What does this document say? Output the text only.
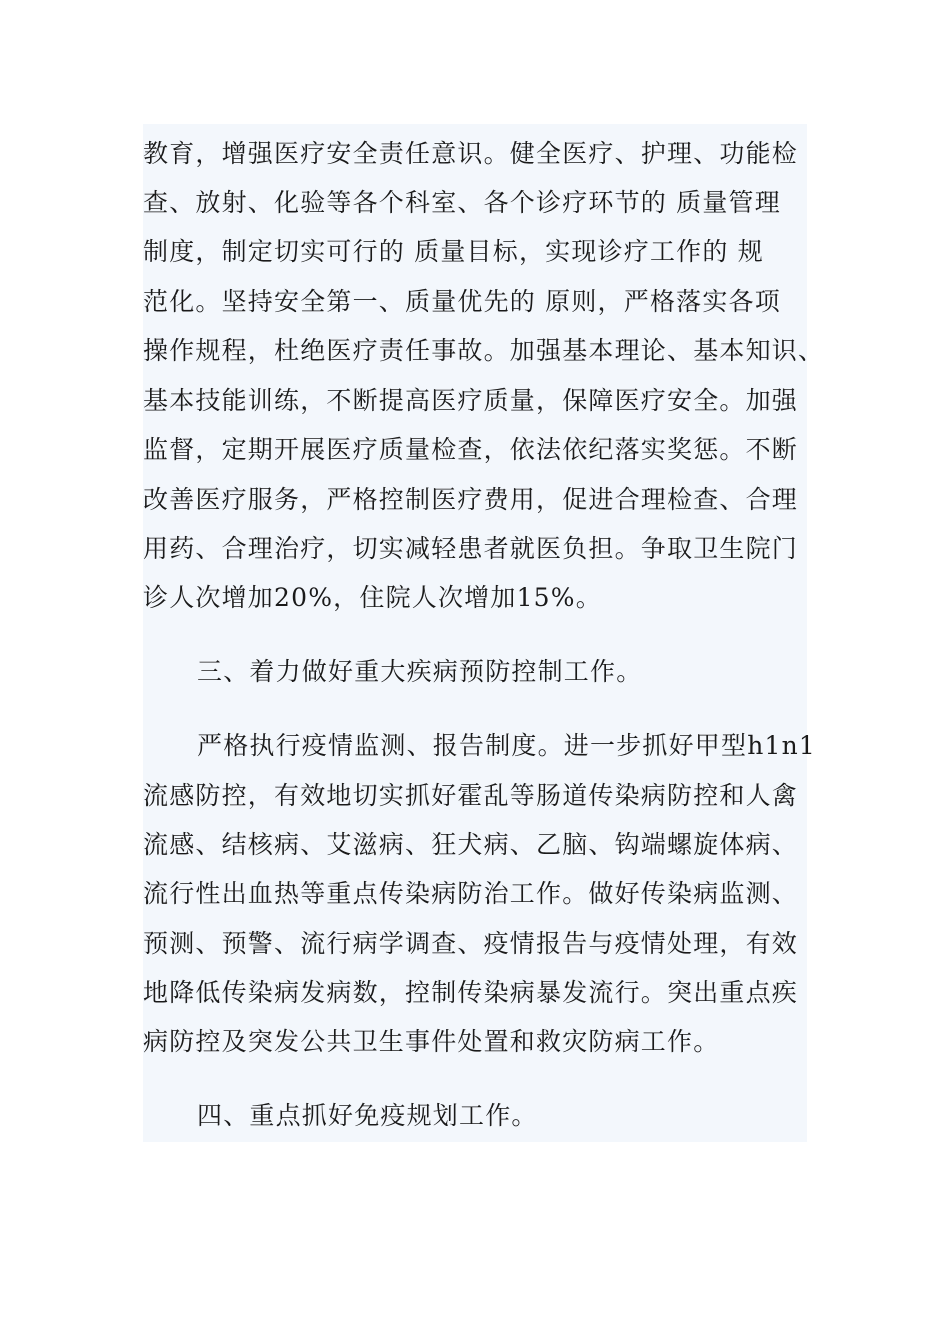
教育，增强医疗安全责任意识。健全医疗、护理、功能检
查、放射、化验等各个科室、各个诊疗环节的 质量管理
制度，制定切实可行的 质量目标，实现诊疗工作的 规
范化。坚持安全第一、质量优先的 原则，严格落实各项
操作规程，杜绝医疗责任事故。加强基本理论、基本知识、
基本技能训练，不断提高医疗质量，保障医疗安全。加强
监督，定期开展医疗质量检查，依法依纪落实奖惩。不断
改善医疗服务，严格控制医疗费用，促进合理检查、合理
用药、合理治疗，切实减轻患者就医负担。争取卫生院门
诊人次增加20%，住院人次增加15%。
三、着力做好重大疾病预防控制工作。
严格执行疫情监测、报告制度。进一步抓好甲型h1n1
流感防控，有效地切实抓好霍乱等肠道传染病防控和人禽
流感、结核病、艾滋病、狂犬病、乙脑、钩端螺旋体病、
流行性出血热等重点传染病防治工作。做好传染病监测、
预测、预警、流行病学调查、疫情报告与疫情处理，有效
地降低传染病发病数，控制传染病暴发流行。突出重点疾
病防控及突发公共卫生事件处置和救灾防病工作。
四、重点抓好免疫规划工作。
